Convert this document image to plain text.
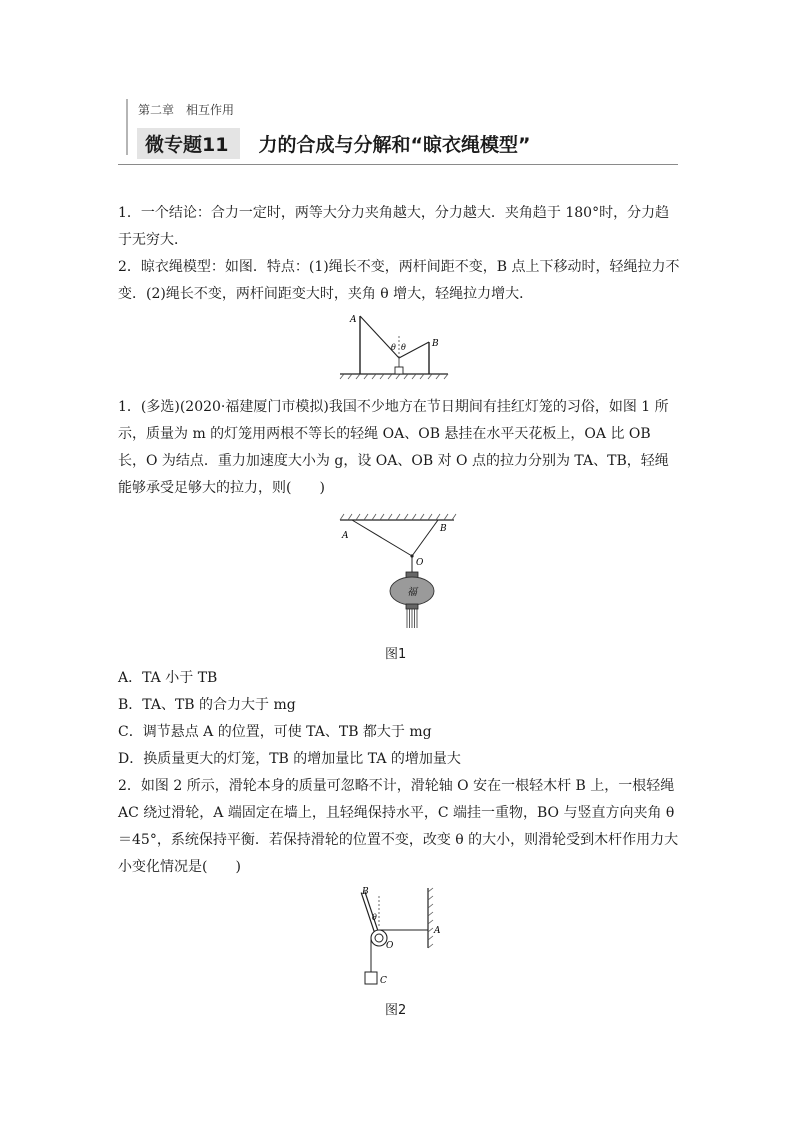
第二章　相互作用
微专题11	力的合成与分解和“晾衣绳模型”
1．一个结论：合力一定时，两等大分力夹角越大，分力越大．夹角趋于 180°时，分力趋于无穷大．
2．晾衣绳模型：如图．特点：(1)绳长不变，两杆间距不变，B 点上下移动时，轻绳拉力不变．(2)绳长不变，两杆间距变大时，夹角 θ 增大，轻绳拉力增大．
A
B
θ θ
1．(多选)(2020·福建厦门市模拟)我国不少地方在节日期间有挂红灯笼的习俗，如图 1 所示，质量为 m 的灯笼用两根不等长的轻绳 OA、OB 悬挂在水平天花板上，OA 比 OB 长，O 为结点．重力加速度大小为 g，设 OA、OB 对 O 点的拉力分别为 TA、TB，轻绳能够承受足够大的拉力，则(　　)
A
B
O
福
图1
A．TA 小于 TB
B．TA、TB 的合力大于 mg
C．调节悬点 A 的位置，可使 TA、TB 都大于 mg
D．换质量更大的灯笼，TB 的增加量比 TA 的增加量大
2．如图 2 所示，滑轮本身的质量可忽略不计，滑轮轴 O 安在一根轻木杆 B 上，一根轻绳 AC 绕过滑轮，A 端固定在墙上，且轻绳保持水平，C 端挂一重物，BO 与竖直方向夹角 θ＝45°，系统保持平衡．若保持滑轮的位置不变，改变 θ 的大小，则滑轮受到木杆作用力大小变化情况是(　　)
B
θ
O
A
C
图2
